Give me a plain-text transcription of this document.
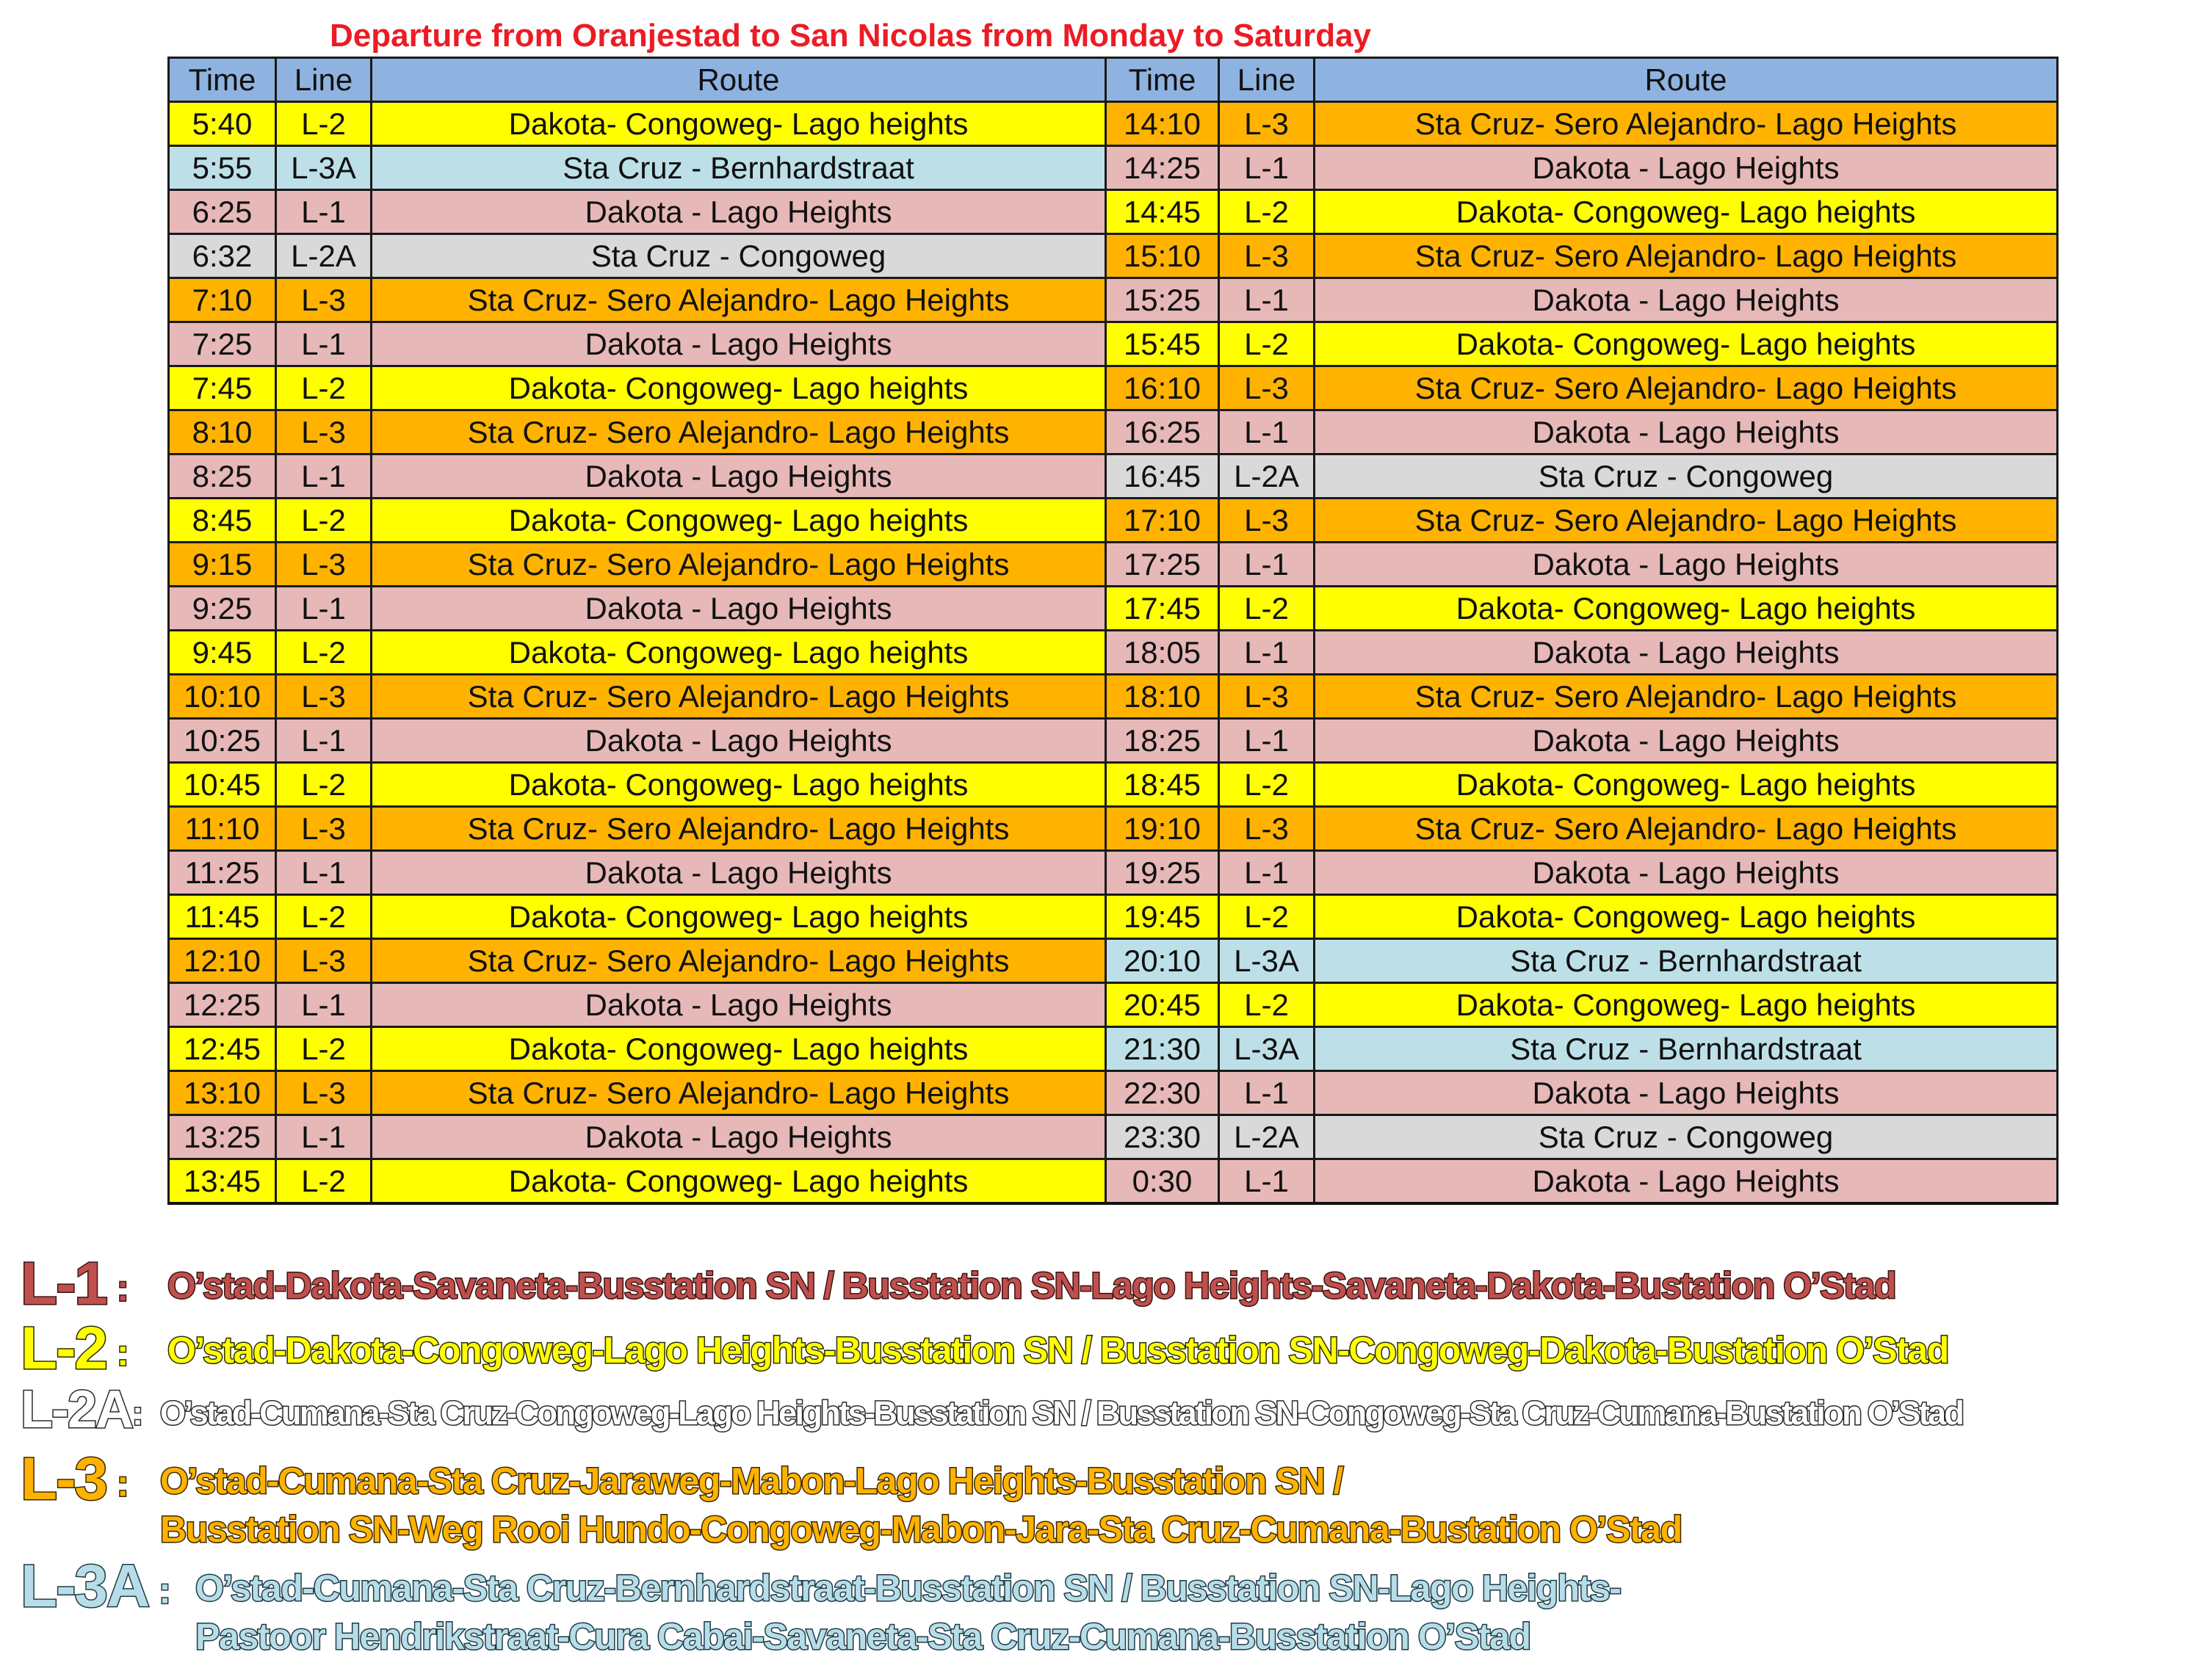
Departure from Oranjestad to San Nicolas from Monday to Saturday
Time	Line	Route	Time	Line	Route
5:40	L-2	Dakota- Congoweg- Lago heights	14:10	L-3	Sta Cruz- Sero Alejandro- Lago Heights
5:55	L-3A	Sta Cruz - Bernhardstraat	14:25	L-1	Dakota - Lago Heights
6:25	L-1	Dakota - Lago Heights	14:45	L-2	Dakota- Congoweg- Lago heights
6:32	L-2A	Sta Cruz - Congoweg	15:10	L-3	Sta Cruz- Sero Alejandro- Lago Heights
7:10	L-3	Sta Cruz- Sero Alejandro- Lago Heights	15:25	L-1	Dakota - Lago Heights
7:25	L-1	Dakota - Lago Heights	15:45	L-2	Dakota- Congoweg- Lago heights
7:45	L-2	Dakota- Congoweg- Lago heights	16:10	L-3	Sta Cruz- Sero Alejandro- Lago Heights
8:10	L-3	Sta Cruz- Sero Alejandro- Lago Heights	16:25	L-1	Dakota - Lago Heights
8:25	L-1	Dakota - Lago Heights	16:45	L-2A	Sta Cruz - Congoweg
8:45	L-2	Dakota- Congoweg- Lago heights	17:10	L-3	Sta Cruz- Sero Alejandro- Lago Heights
9:15	L-3	Sta Cruz- Sero Alejandro- Lago Heights	17:25	L-1	Dakota - Lago Heights
9:25	L-1	Dakota - Lago Heights	17:45	L-2	Dakota- Congoweg- Lago heights
9:45	L-2	Dakota- Congoweg- Lago heights	18:05	L-1	Dakota - Lago Heights
10:10	L-3	Sta Cruz- Sero Alejandro- Lago Heights	18:10	L-3	Sta Cruz- Sero Alejandro- Lago Heights
10:25	L-1	Dakota - Lago Heights	18:25	L-1	Dakota - Lago Heights
10:45	L-2	Dakota- Congoweg- Lago heights	18:45	L-2	Dakota- Congoweg- Lago heights
11:10	L-3	Sta Cruz- Sero Alejandro- Lago Heights	19:10	L-3	Sta Cruz- Sero Alejandro- Lago Heights
11:25	L-1	Dakota - Lago Heights	19:25	L-1	Dakota - Lago Heights
11:45	L-2	Dakota- Congoweg- Lago heights	19:45	L-2	Dakota- Congoweg- Lago heights
12:10	L-3	Sta Cruz- Sero Alejandro- Lago Heights	20:10	L-3A	Sta Cruz - Bernhardstraat
12:25	L-1	Dakota - Lago Heights	20:45	L-2	Dakota- Congoweg- Lago heights
12:45	L-2	Dakota- Congoweg- Lago heights	21:30	L-3A	Sta Cruz - Bernhardstraat
13:10	L-3	Sta Cruz- Sero Alejandro- Lago Heights	22:30	L-1	Dakota - Lago Heights
13:25	L-1	Dakota - Lago Heights	23:30	L-2A	Sta Cruz - Congoweg
13:45	L-2	Dakota- Congoweg- Lago heights	0:30	L-1	Dakota - Lago Heights
L-1 : O’stad-Dakota-Savaneta-Busstation SN / Busstation SN-Lago Heights-Savaneta-Dakota-Bustation O’Stad
L-2 : O’stad-Dakota-Congoweg-Lago Heights-Busstation SN / Busstation SN-Congoweg-Dakota-Bustation O’Stad
L-2A: O’stad-Cumana-Sta Cruz-Congoweg-Lago Heights-Busstation SN / Busstation SN-Congoweg-Sta Cruz-Cumana-Bustation O’Stad
L-3 : O’stad-Cumana-Sta Cruz-Jaraweg-Mabon-Lago Heights-Busstation SN /
Busstation SN-Weg Rooi Hundo-Congoweg-Mabon-Jara-Sta Cruz-Cumana-Bustation O’Stad
L-3A : O’stad-Cumana-Sta Cruz-Bernhardstraat-Busstation SN / Busstation SN-Lago Heights-
Pastoor Hendrikstraat-Cura Cabai-Savaneta-Sta Cruz-Cumana-Busstation O’Stad
